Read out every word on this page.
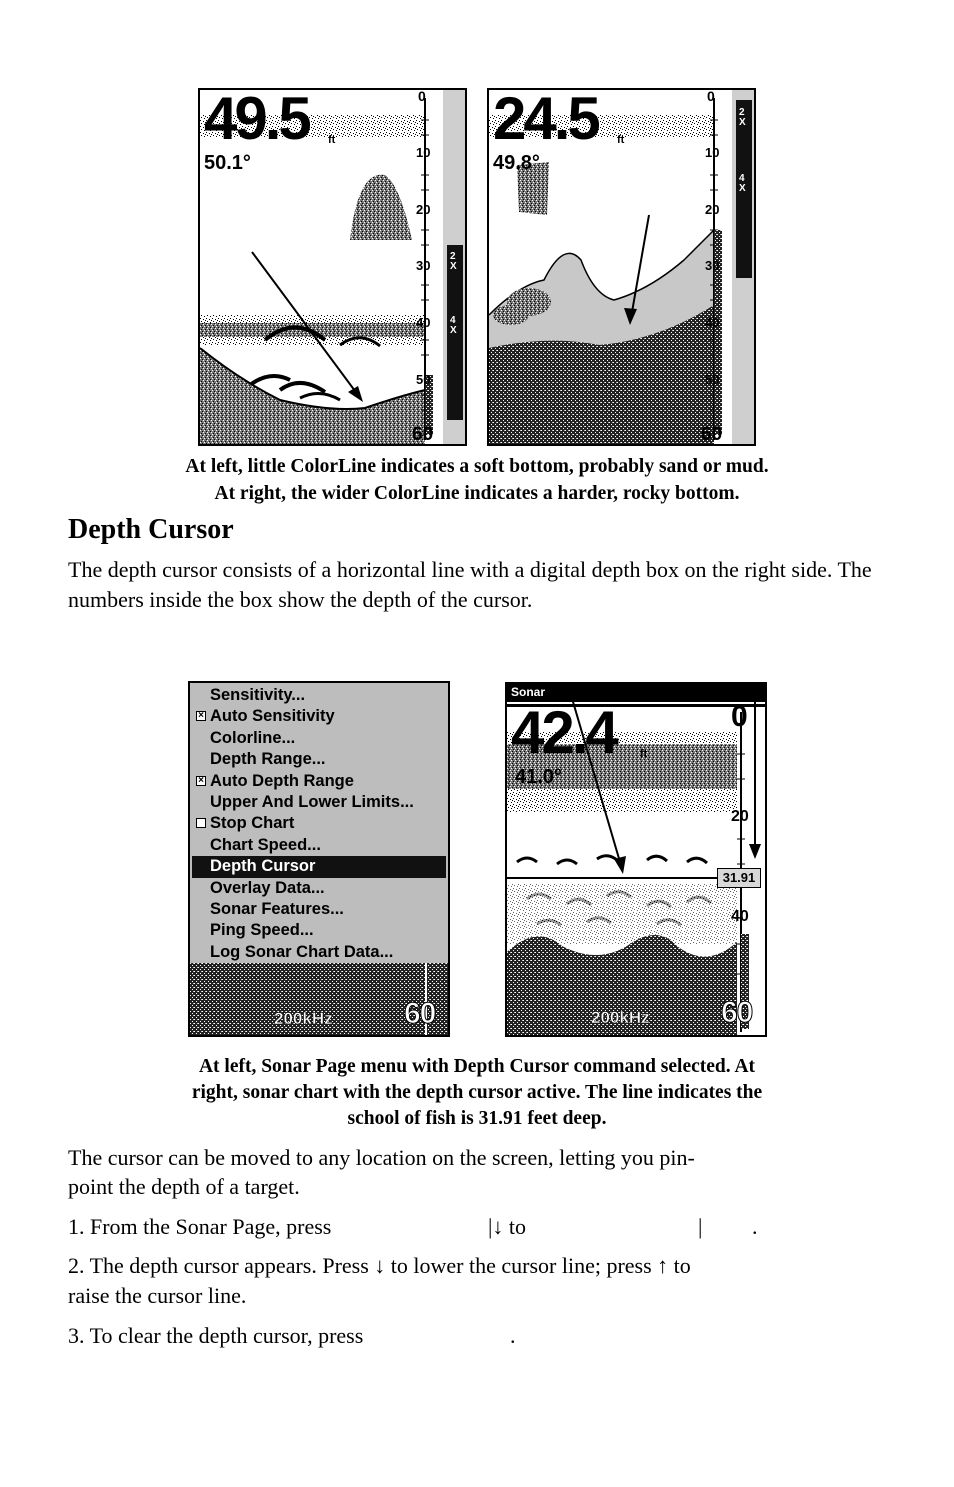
49.5 ft
50.1°
0
10
20
30
40
50
60
2X
4X
24.5 ft
49.8°
0
10
20
30
40
50
60
2X
4X
At left, little ColorLine indicates a soft bottom, probably sand or mud.
At right, the wider ColorLine indicates a harder, rocky bottom.
Depth Cursor
The depth cursor consists of a horizontal line with a digital depth box on the right side. The numbers inside the box show the depth of the cursor.
Sensitivity...
× Auto Sensitivity
Colorline...
Depth Range...
× Auto Depth Range
Upper And Lower Limits...
Stop Chart
Chart Speed...
Depth Cursor
Overlay Data...
Sonar Features...
Ping Speed...
Log Sonar Chart Data...
200kHz 60
Sonar
42.4 ft
41.0°
0
20
40
31.91
200kHz 60
At left, Sonar Page menu with Depth Cursor command selected. At
right, sonar chart with the depth cursor active. The line indicates the
school of fish is 31.91 feet deep.
The cursor can be moved to any location on the screen, letting you pin-
point the depth of a target.
1. From the Sonar Page, press	|↓ to	| .
2. The depth cursor appears. Press ↓ to lower the cursor line; press ↑ to
raise the cursor line.
3. To clear the depth cursor, press	.
